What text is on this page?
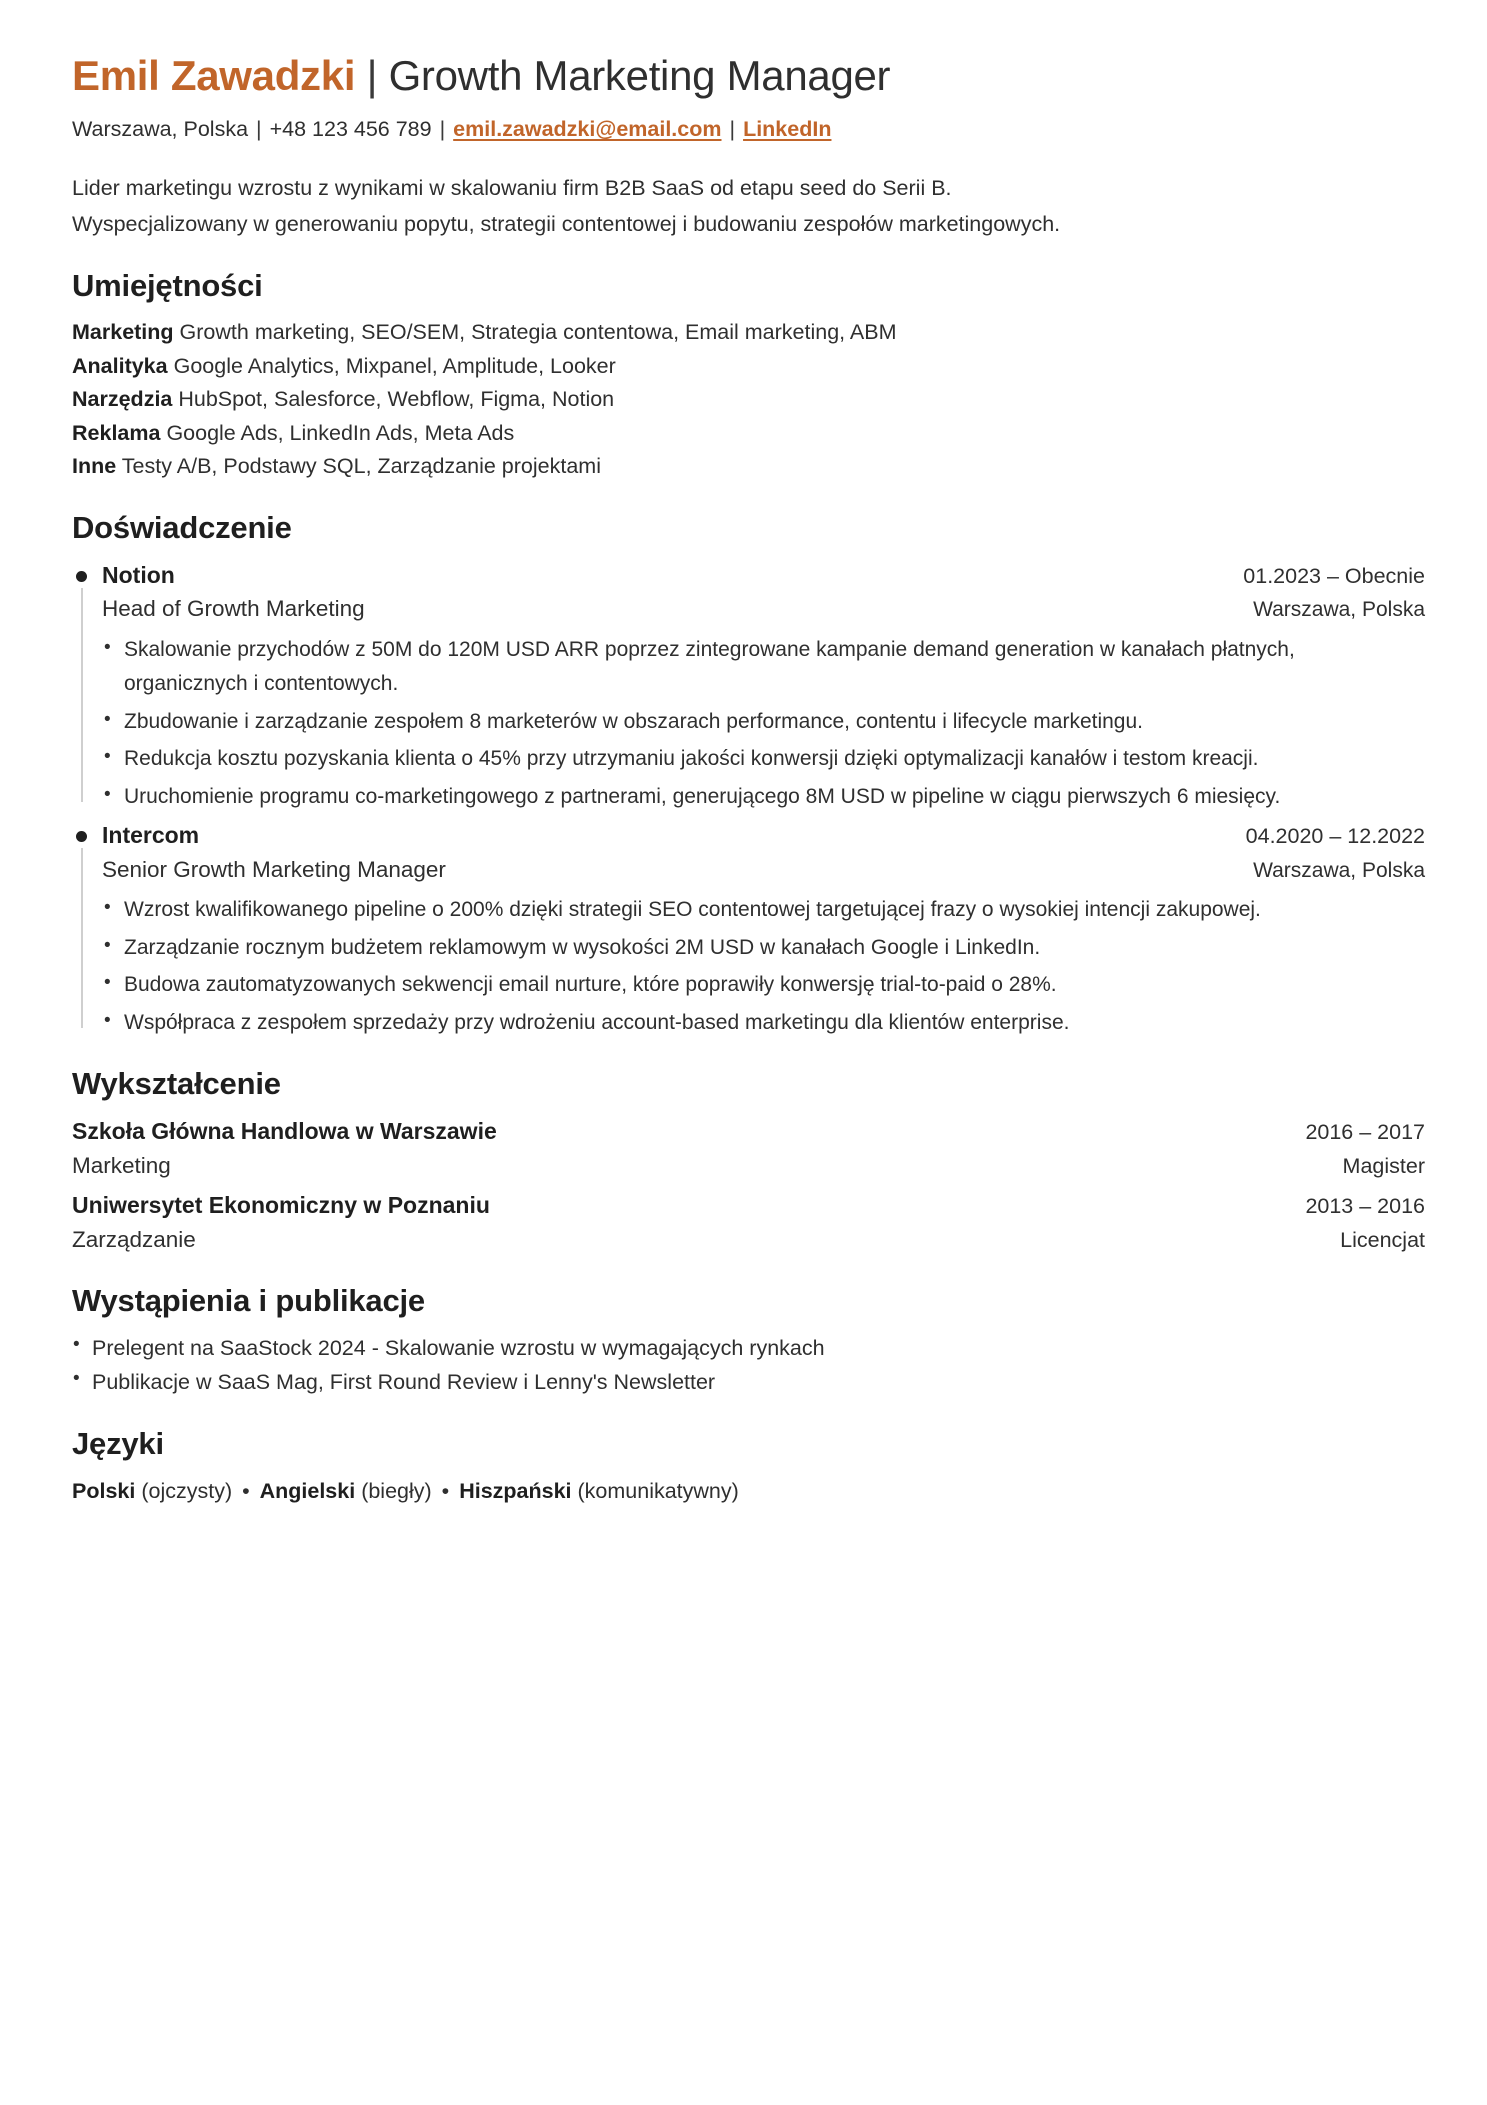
Emil Zawadzki | Growth Marketing Manager
Warszawa, Polska | +48 123 456 789 | emil.zawadzki@email.com | LinkedIn
Lider marketingu wzrostu z wynikami w skalowaniu firm B2B SaaS od etapu seed do Serii B.
Wyspecjalizowany w generowaniu popytu, strategii contentowej i budowaniu zespołów marketingowych.
Umiejętności
Marketing Growth marketing, SEO/SEM, Strategia contentowa, Email marketing, ABM
Analityka Google Analytics, Mixpanel, Amplitude, Looker
Narzędzia HubSpot, Salesforce, Webflow, Figma, Notion
Reklama Google Ads, LinkedIn Ads, Meta Ads
Inne Testy A/B, Podstawy SQL, Zarządzanie projektami
Doświadczenie
Notion	01.2023 – Obecnie
Head of Growth Marketing	Warszawa, Polska
• Skalowanie przychodów z 50M do 120M USD ARR poprzez zintegrowane kampanie demand generation w kanałach płatnych, organicznych i contentowych.
• Zbudowanie i zarządzanie zespołem 8 marketerów w obszarach performance, contentu i lifecycle marketingu.
• Redukcja kosztu pozyskania klienta o 45% przy utrzymaniu jakości konwersji dzięki optymalizacji kanałów i testom kreacji.
• Uruchomienie programu co-marketingowego z partnerami, generującego 8M USD w pipeline w ciągu pierwszych 6 miesięcy.
Intercom	04.2020 – 12.2022
Senior Growth Marketing Manager	Warszawa, Polska
• Wzrost kwalifikowanego pipeline o 200% dzięki strategii SEO contentowej targetującej frazy o wysokiej intencji zakupowej.
• Zarządzanie rocznym budżetem reklamowym w wysokości 2M USD w kanałach Google i LinkedIn.
• Budowa zautomatyzowanych sekwencji email nurture, które poprawiły konwersję trial-to-paid o 28%.
• Współpraca z zespołem sprzedaży przy wdrożeniu account-based marketingu dla klientów enterprise.
Wykształcenie
Szkoła Główna Handlowa w Warszawie	2016 – 2017
Marketing	Magister
Uniwersytet Ekonomiczny w Poznaniu	2013 – 2016
Zarządzanie	Licencjat
Wystąpienia i publikacje
• Prelegent na SaaStock 2024 - Skalowanie wzrostu w wymagających rynkach
• Publikacje w SaaS Mag, First Round Review i Lenny's Newsletter
Języki
Polski (ojczysty) • Angielski (biegły) • Hiszpański (komunikatywny)
